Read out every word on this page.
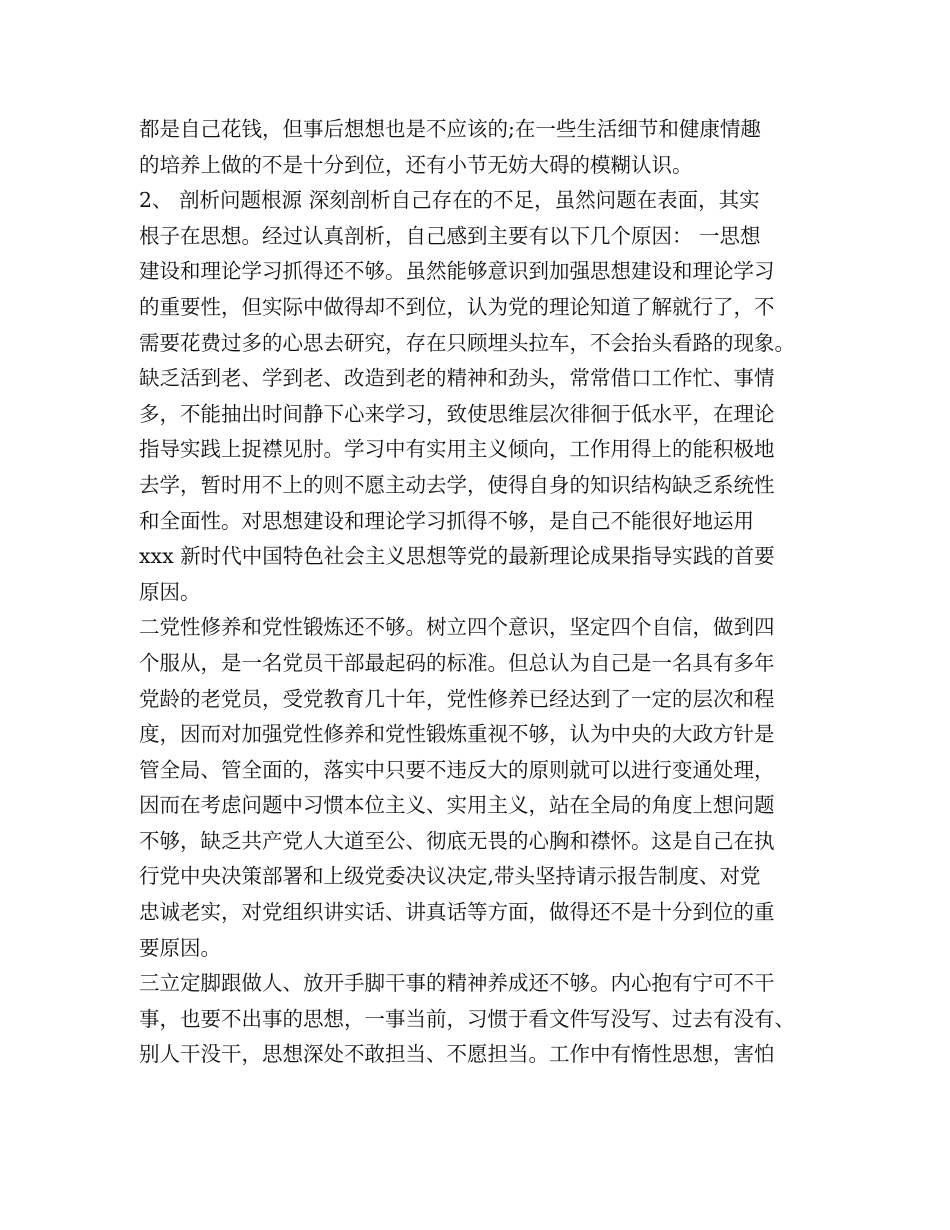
都是自己花钱，但事后想想也是不应该的;在一些生活细节和健康情趣
的培养上做的不是十分到位，还有小节无妨大碍的模糊认识。
2、 剖析问题根源 深刻剖析自己存在的不足，虽然问题在表面，其实
根子在思想。经过认真剖析，自己感到主要有以下几个原因： 一思想
建设和理论学习抓得还不够。虽然能够意识到加强思想建设和理论学习
的重要性，但实际中做得却不到位，认为党的理论知道了解就行了，不
需要花费过多的心思去研究，存在只顾埋头拉车，不会抬头看路的现象。
缺乏活到老、学到老、改造到老的精神和劲头，常常借口工作忙、事情
多，不能抽出时间静下心来学习，致使思维层次徘徊于低水平，在理论
指导实践上捉襟见肘。学习中有实用主义倾向，工作用得上的能积极地
去学，暂时用不上的则不愿主动去学，使得自身的知识结构缺乏系统性
和全面性。对思想建设和理论学习抓得不够，是自己不能很好地运用
xxx 新时代中国特色社会主义思想等党的最新理论成果指导实践的首要
原因。
二党性修养和党性锻炼还不够。树立四个意识，坚定四个自信，做到四
个服从，是一名党员干部最起码的标准。但总认为自己是一名具有多年
党龄的老党员，受党教育几十年，党性修养已经达到了一定的层次和程
度，因而对加强党性修养和党性锻炼重视不够，认为中央的大政方针是
管全局、管全面的，落实中只要不违反大的原则就可以进行变通处理，
因而在考虑问题中习惯本位主义、实用主义，站在全局的角度上想问题
不够，缺乏共产党人大道至公、彻底无畏的心胸和襟怀。这是自己在执
行党中央决策部署和上级党委决议决定,带头坚持请示报告制度、对党
忠诚老实，对党组织讲实话、讲真话等方面，做得还不是十分到位的重
要原因。
三立定脚跟做人、放开手脚干事的精神养成还不够。内心抱有宁可不干
事，也要不出事的思想，一事当前，习惯于看文件写没写、过去有没有、
别人干没干，思想深处不敢担当、不愿担当。工作中有惰性思想，害怕
